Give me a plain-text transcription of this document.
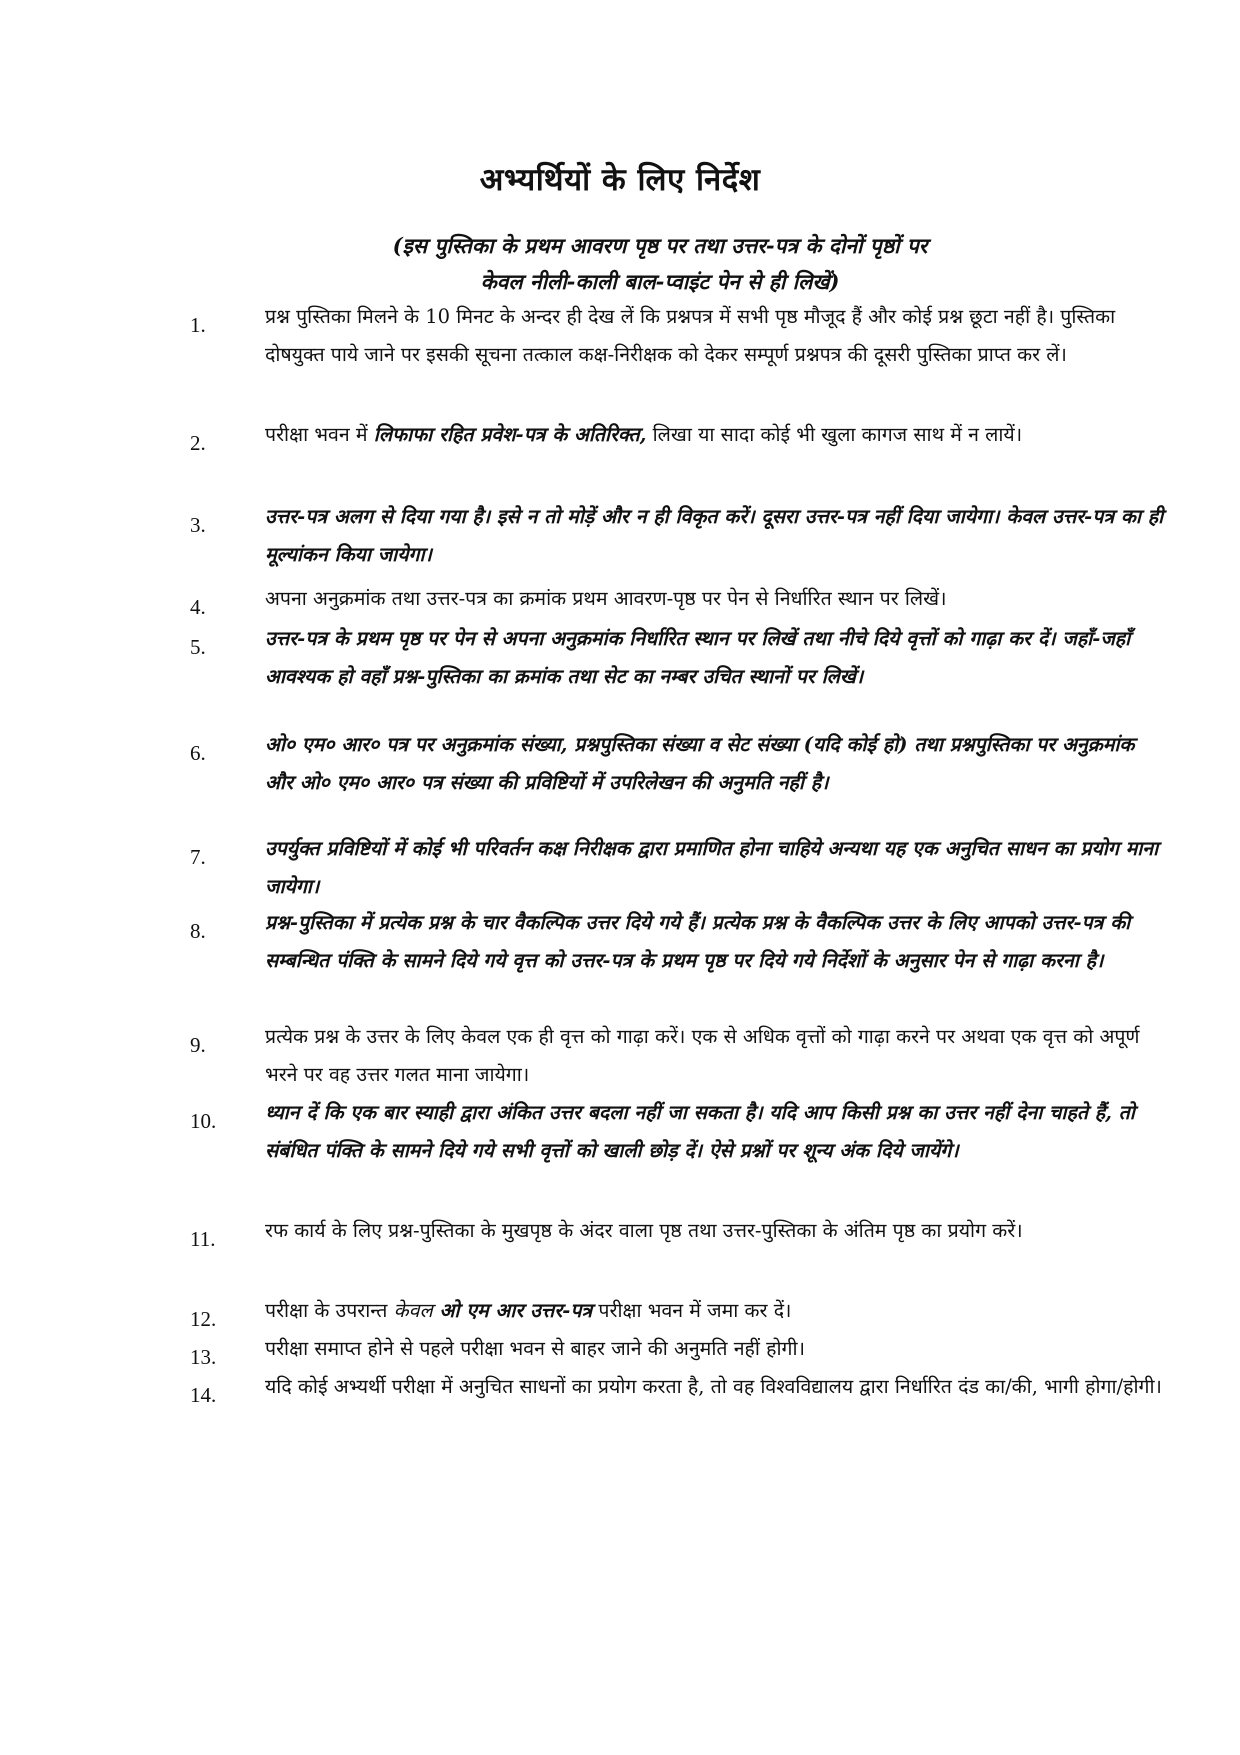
अभ्यर्थियों के लिए निर्देश
(इस पुस्तिका के प्रथम आवरण पृष्ठ पर तथा उत्तर-पत्र के दोनों पृष्ठों पर
केवल नीली-काली बाल-प्वाइंट पेन से ही लिखें)
1.	प्रश्न पुस्तिका मिलने के 10 मिनट के अन्दर ही देख लें कि प्रश्नपत्र में सभी पृष्ठ मौजूद हैं और कोई प्रश्न छूटा नहीं है। पुस्तिका दोषयुक्त पाये जाने पर इसकी सूचना तत्काल कक्ष-निरीक्षक को देकर सम्पूर्ण प्रश्नपत्र की दूसरी पुस्तिका प्राप्त कर लें।

2.	परीक्षा भवन में लिफाफा रहित प्रवेश-पत्र के अतिरिक्त, लिखा या सादा कोई भी खुला कागज साथ में न लायें।

3.	उत्तर-पत्र अलग से दिया गया है। इसे न तो मोड़ें और न ही विकृत करें। दूसरा उत्तर-पत्र नहीं दिया जायेगा। केवल उत्तर-पत्र का ही मूल्यांकन किया जायेगा।

4.	अपना अनुक्रमांक तथा उत्तर-पत्र का क्रमांक प्रथम आवरण-पृष्ठ पर पेन से निर्धारित स्थान पर लिखें।

5.	उत्तर-पत्र के प्रथम पृष्ठ पर पेन से अपना अनुक्रमांक निर्धारित स्थान पर लिखें तथा नीचे दिये वृत्तों को गाढ़ा कर दें। जहाँ-जहाँ आवश्यक हो वहाँ प्रश्न-पुस्तिका का क्रमांक तथा सेट का नम्बर उचित स्थानों पर लिखें।

6.	ओ० एम० आर० पत्र पर अनुक्रमांक संख्या, प्रश्नपुस्तिका संख्या व सेट संख्या (यदि कोई हो) तथा प्रश्नपुस्तिका पर अनुक्रमांक और ओ० एम० आर० पत्र संख्या की प्रविष्टियों में उपरिलेखन की अनुमति नहीं है।

7.	उपर्युक्त प्रविष्टियों में कोई भी परिवर्तन कक्ष निरीक्षक द्वारा प्रमाणित होना चाहिये अन्यथा यह एक अनुचित साधन का प्रयोग माना जायेगा।

8.	प्रश्न-पुस्तिका में प्रत्येक प्रश्न के चार वैकल्पिक उत्तर दिये गये हैं। प्रत्येक प्रश्न के वैकल्पिक उत्तर के लिए आपको उत्तर-पत्र की सम्बन्धित पंक्ति के सामने दिये गये वृत्त को उत्तर-पत्र के प्रथम पृष्ठ पर दिये गये निर्देशों के अनुसार पेन से गाढ़ा करना है।

9.	प्रत्येक प्रश्न के उत्तर के लिए केवल एक ही वृत्त को गाढ़ा करें। एक से अधिक वृत्तों को गाढ़ा करने पर अथवा एक वृत्त को अपूर्ण भरने पर वह उत्तर गलत माना जायेगा।

10.	ध्यान दें कि एक बार स्याही द्वारा अंकित उत्तर बदला नहीं जा सकता है। यदि आप किसी प्रश्न का उत्तर नहीं देना चाहते हैं, तो संबंधित पंक्ति के सामने दिये गये सभी वृत्तों को खाली छोड़ दें। ऐसे प्रश्नों पर शून्य अंक दिये जायेंगे।

11.	रफ कार्य के लिए प्रश्न-पुस्तिका के मुखपृष्ठ के अंदर वाला पृष्ठ तथा उत्तर-पुस्तिका के अंतिम पृष्ठ का प्रयोग करें।

12.	परीक्षा के उपरान्त केवल ओ एम आर उत्तर-पत्र परीक्षा भवन में जमा कर दें।

13.	परीक्षा समाप्त होने से पहले परीक्षा भवन से बाहर जाने की अनुमति नहीं होगी।

14.	यदि कोई अभ्यर्थी परीक्षा में अनुचित साधनों का प्रयोग करता है, तो वह विश्वविद्यालय द्वारा निर्धारित दंड का/की, भागी होगा/होगी।
